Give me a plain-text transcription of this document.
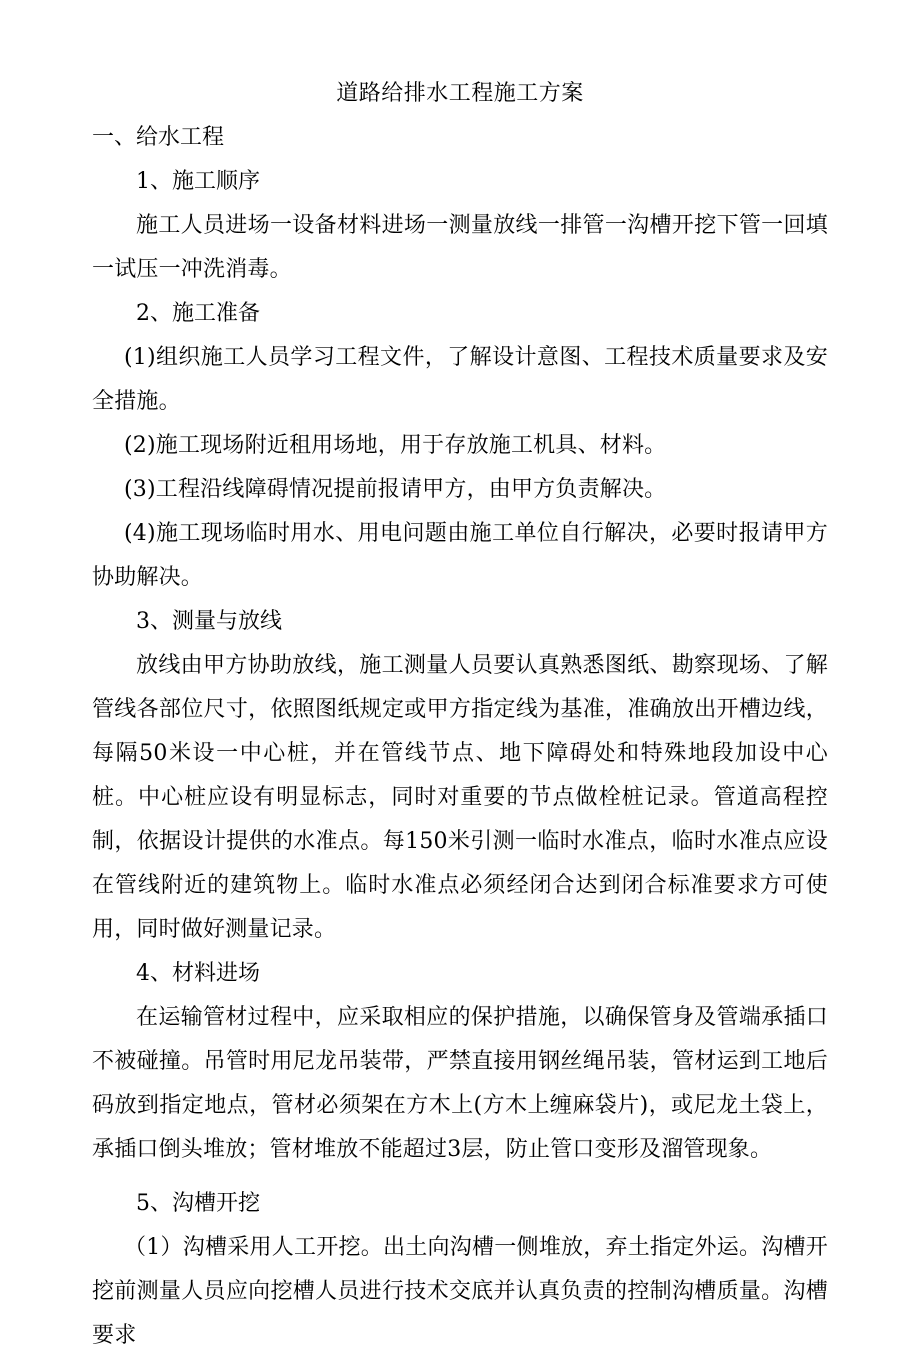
道路给排水工程施工方案

一、给水工程

1、施工顺序

施工人员进场一设备材料进场一测量放线一排管一沟槽开挖下管一回填一试压一冲洗消毒。

2、施工准备

(1)组织施工人员学习工程文件，了解设计意图、工程技术质量要求及安全措施。

(2)施工现场附近租用场地，用于存放施工机具、材料。

(3)工程沿线障碍情况提前报请甲方，由甲方负责解决。

(4)施工现场临时用水、用电问题由施工单位自行解决，必要时报请甲方协助解决。

3、测量与放线

放线由甲方协助放线，施工测量人员要认真熟悉图纸、勘察现场、了解管线各部位尺寸，依照图纸规定或甲方指定线为基准，准确放出开槽边线，每隔50米设一中心桩，并在管线节点、地下障碍处和特殊地段加设中心桩。中心桩应设有明显标志，同时对重要的节点做栓桩记录。管道高程控制，依据设计提供的水准点。每150米引测一临时水准点，临时水准点应设在管线附近的建筑物上。临时水准点必须经闭合达到闭合标准要求方可使用，同时做好测量记录。

4、材料进场

在运输管材过程中，应采取相应的保护措施，以确保管身及管端承插口不被碰撞。吊管时用尼龙吊装带，严禁直接用钢丝绳吊装，管材运到工地后码放到指定地点，管材必须架在方木上(方木上缠麻袋片)，或尼龙土袋上，承插口倒头堆放；管材堆放不能超过3层，防止管口变形及溜管现象。

5、沟槽开挖

（1）沟槽采用人工开挖。出土向沟槽一侧堆放，弃土指定外运。沟槽开挖前测量人员应向挖槽人员进行技术交底并认真负责的控制沟槽质量。沟槽要求
